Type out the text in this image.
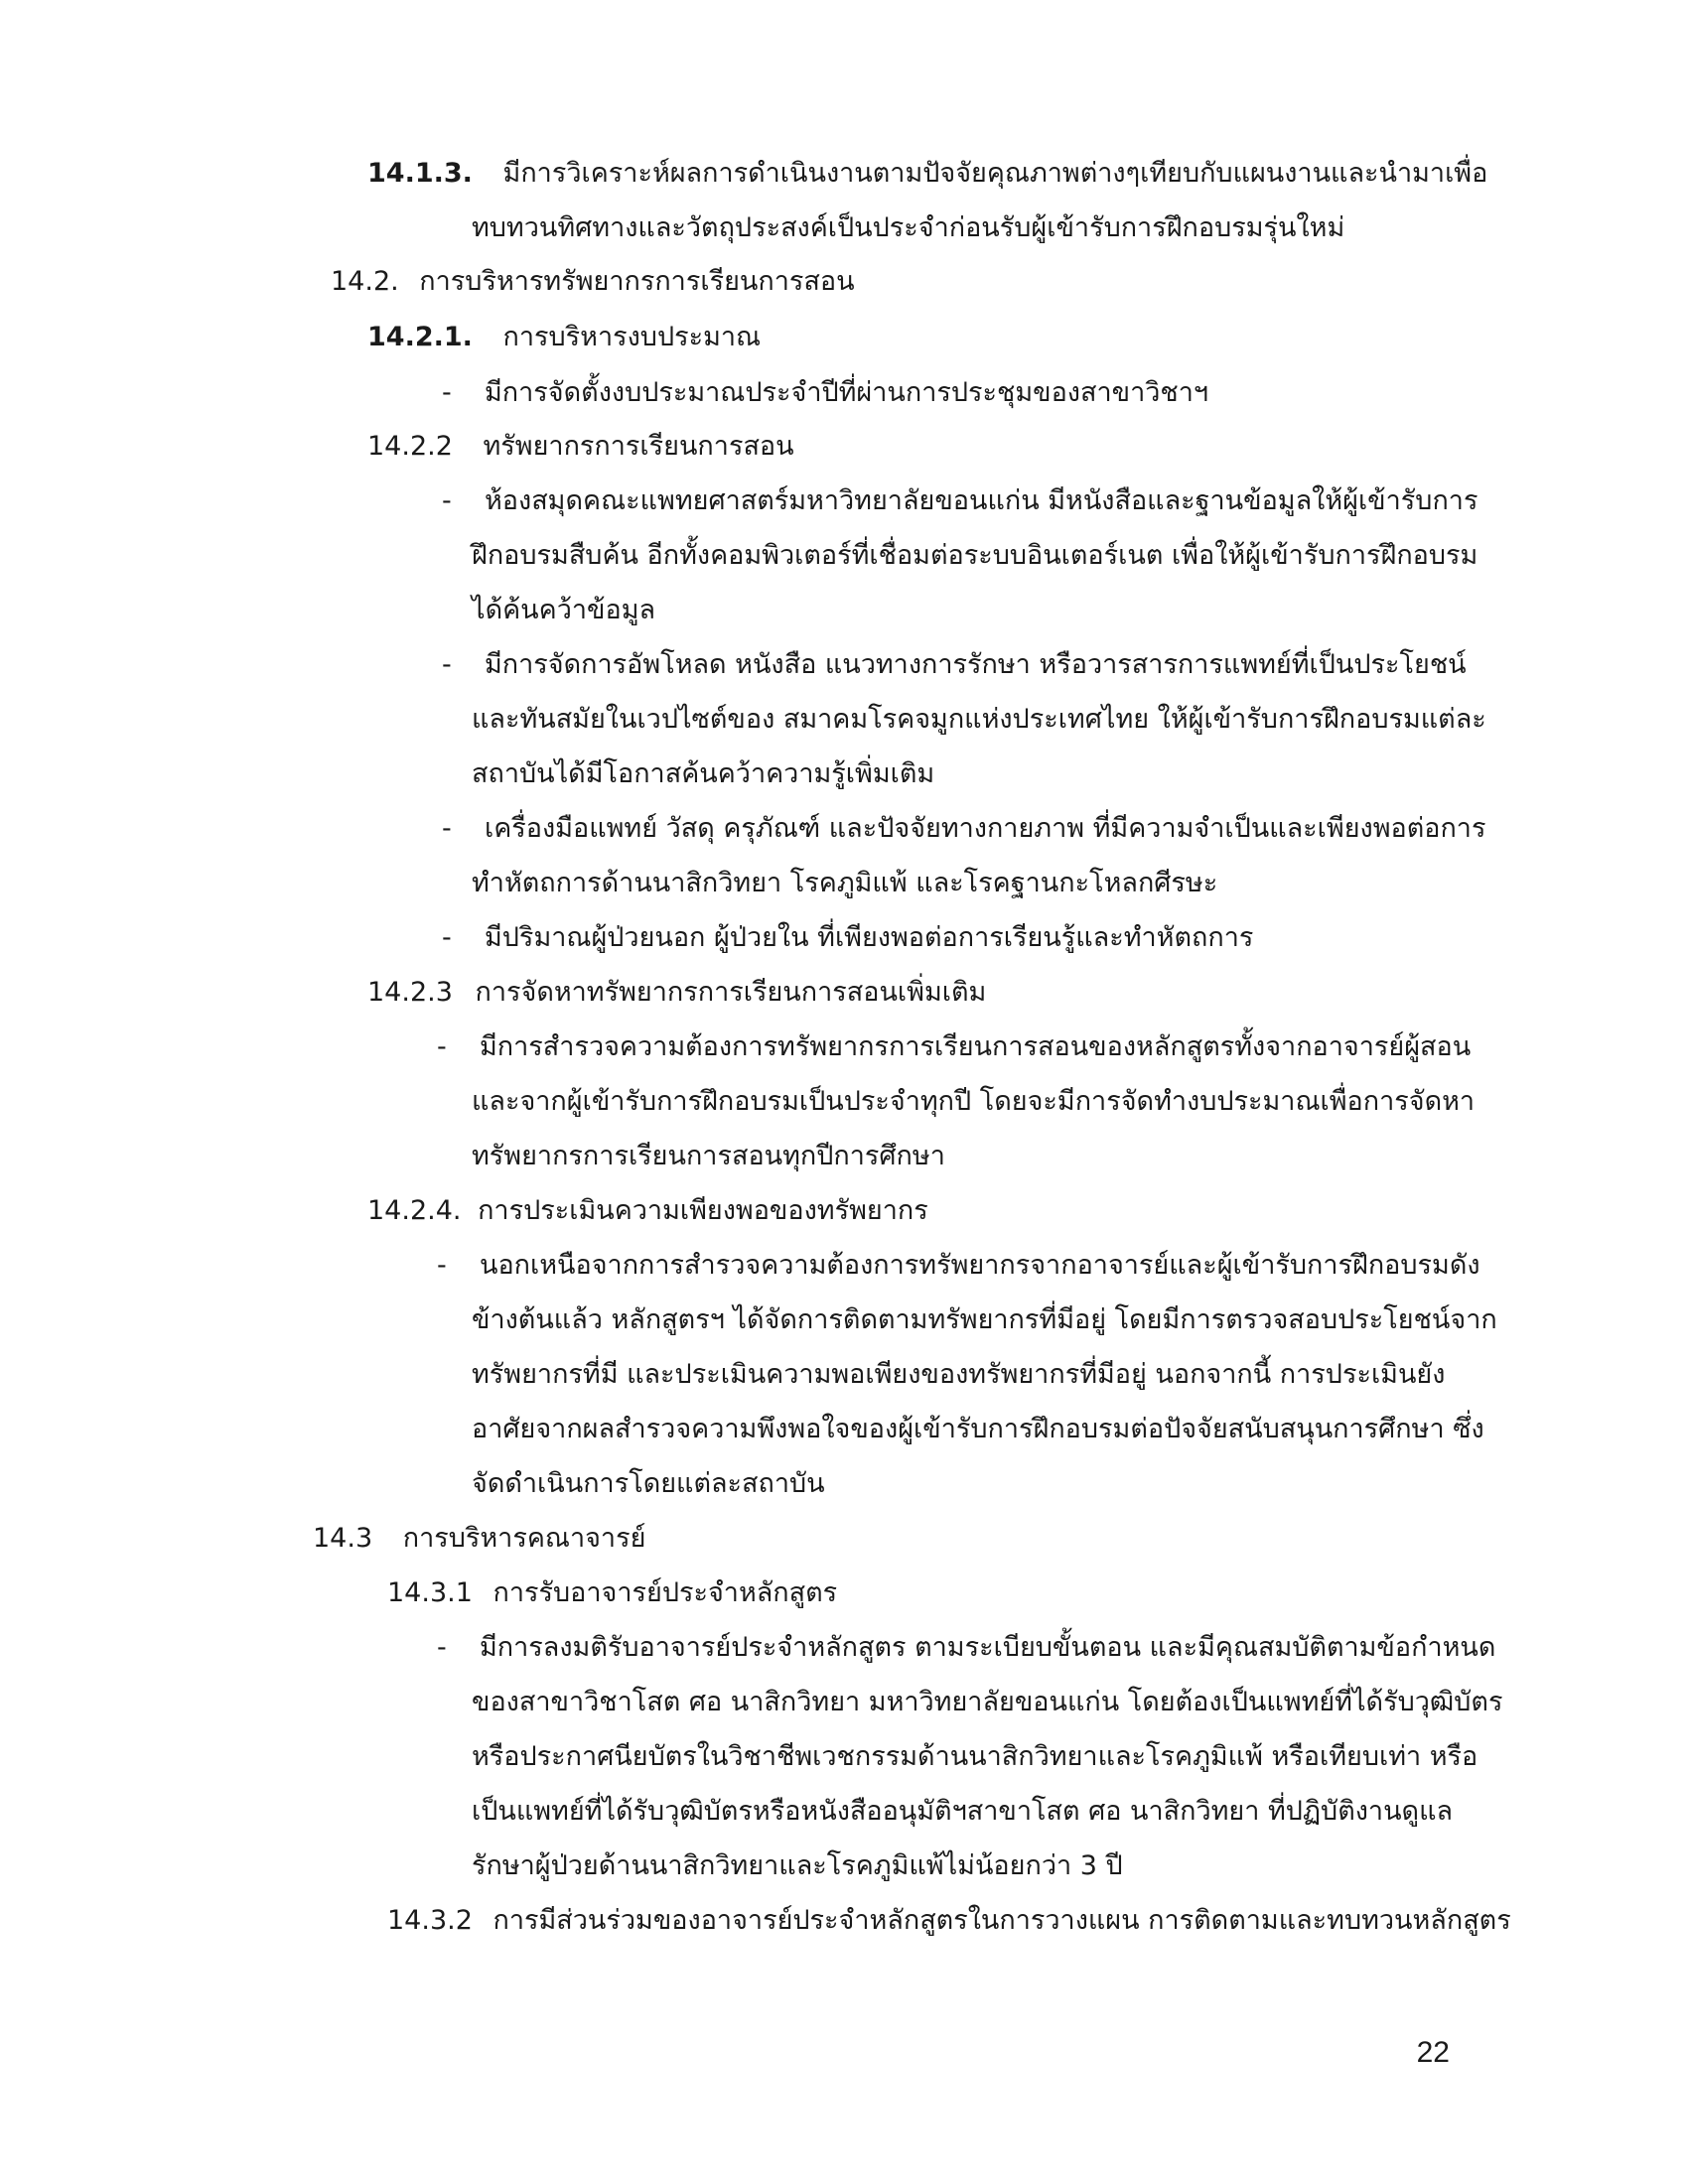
14.1.3. มีการวิเคราะห์ผลการดำเนินงานตามปัจจัยคุณภาพต่างๆเทียบกับแผนงานและนำมาเพื่อ
ทบทวนทิศทางและวัตถุประสงค์เป็นประจำก่อนรับผู้เข้ารับการฝึกอบรมรุ่นใหม่
14.2. การบริหารทรัพยากรการเรียนการสอน
14.2.1. การบริหารงบประมาณ
- มีการจัดตั้งงบประมาณประจำปีที่ผ่านการประชุมของสาขาวิชาฯ
14.2.2 ทรัพยากรการเรียนการสอน
- ห้องสมุดคณะแพทยศาสตร์มหาวิทยาลัยขอนแก่น มีหนังสือและฐานข้อมูลให้ผู้เข้ารับการ
ฝึกอบรมสืบค้น อีกทั้งคอมพิวเตอร์ที่เชื่อมต่อระบบอินเตอร์เนต เพื่อให้ผู้เข้ารับการฝึกอบรม
ได้ค้นคว้าข้อมูล
- มีการจัดการอัพโหลด หนังสือ แนวทางการรักษา หรือวารสารการแพทย์ที่เป็นประโยชน์
และทันสมัยในเวปไซต์ของ สมาคมโรคจมูกแห่งประเทศไทย ให้ผู้เข้ารับการฝึกอบรมแต่ละ
สถาบันได้มีโอกาสค้นคว้าความรู้เพิ่มเติม
- เครื่องมือแพทย์ วัสดุ ครุภัณฑ์ และปัจจัยทางกายภาพ ที่มีความจำเป็นและเพียงพอต่อการ
ทำหัตถการด้านนาสิกวิทยา โรคภูมิแพ้ และโรคฐานกะโหลกศีรษะ
- มีปริมาณผู้ป่วยนอก ผู้ป่วยใน ที่เพียงพอต่อการเรียนรู้และทำหัตถการ
14.2.3 การจัดหาทรัพยากรการเรียนการสอนเพิ่มเติม
- มีการสำรวจความต้องการทรัพยากรการเรียนการสอนของหลักสูตรทั้งจากอาจารย์ผู้สอน
และจากผู้เข้ารับการฝึกอบรมเป็นประจำทุกปี โดยจะมีการจัดทำงบประมาณเพื่อการจัดหา
ทรัพยากรการเรียนการสอนทุกปีการศึกษา
14.2.4. การประเมินความเพียงพอของทรัพยากร
- นอกเหนือจากการสำรวจความต้องการทรัพยากรจากอาจารย์และผู้เข้ารับการฝึกอบรมดัง
ข้างต้นแล้ว หลักสูตรฯ ได้จัดการติดตามทรัพยากรที่มีอยู่ โดยมีการตรวจสอบประโยชน์จาก
ทรัพยากรที่มี และประเมินความพอเพียงของทรัพยากรที่มีอยู่ นอกจากนี้ การประเมินยัง
อาศัยจากผลสำรวจความพึงพอใจของผู้เข้ารับการฝึกอบรมต่อปัจจัยสนับสนุนการศึกษา ซึ่ง
จัดดำเนินการโดยแต่ละสถาบัน
14.3 การบริหารคณาจารย์
14.3.1 การรับอาจารย์ประจำหลักสูตร
- มีการลงมติรับอาจารย์ประจำหลักสูตร ตามระเบียบขั้นตอน และมีคุณสมบัติตามข้อกำหนด
ของสาขาวิชาโสต ศอ นาสิกวิทยา มหาวิทยาลัยขอนแก่น โดยต้องเป็นแพทย์ที่ได้รับวุฒิบัตร
หรือประกาศนียบัตรในวิชาชีพเวชกรรมด้านนาสิกวิทยาและโรคภูมิแพ้ หรือเทียบเท่า หรือ
เป็นแพทย์ที่ได้รับวุฒิบัตรหรือหนังสืออนุมัติฯสาขาโสต ศอ นาสิกวิทยา ที่ปฏิบัติงานดูแล
รักษาผู้ป่วยด้านนาสิกวิทยาและโรคภูมิแพ้ไม่น้อยกว่า 3 ปี
14.3.2 การมีส่วนร่วมของอาจารย์ประจำหลักสูตรในการวางแผน การติดตามและทบทวนหลักสูตร
22
